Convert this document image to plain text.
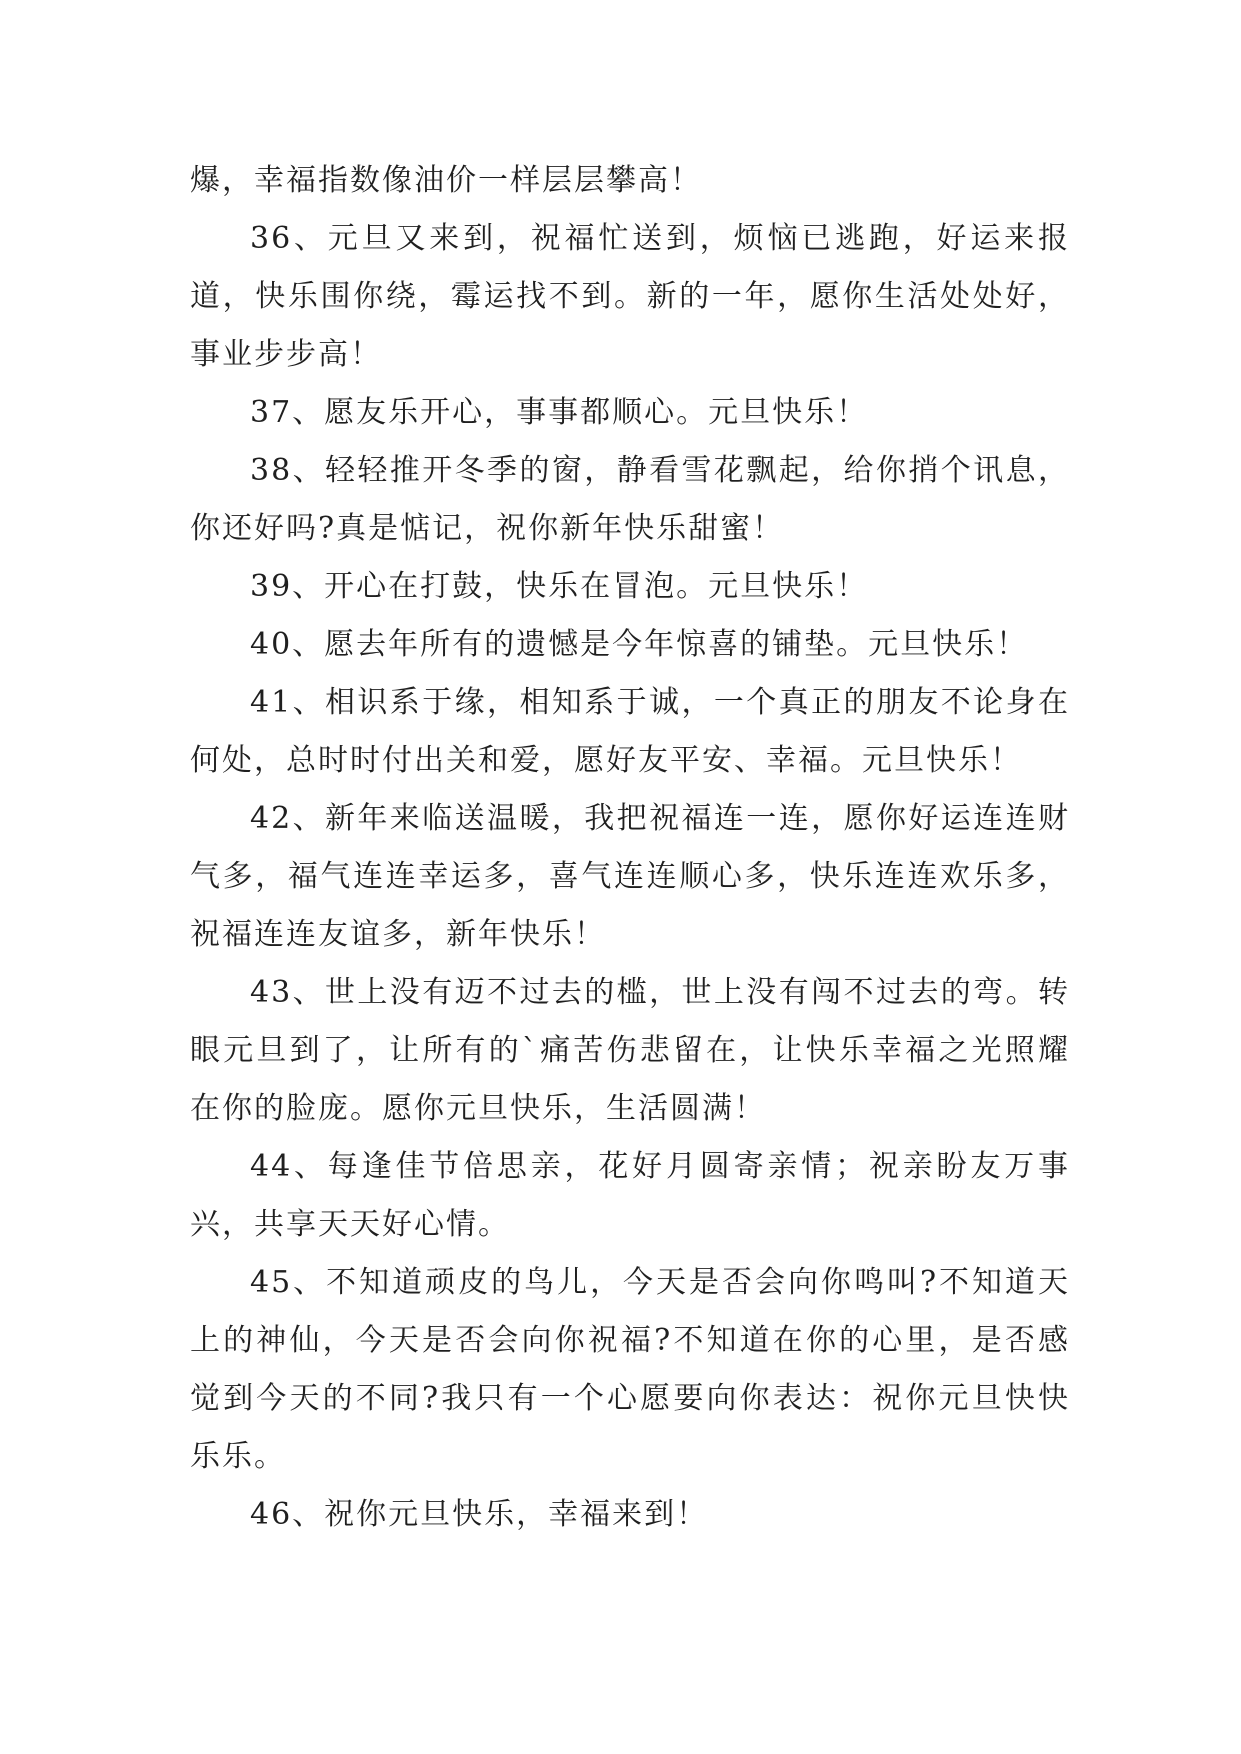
爆，幸福指数像油价一样层层攀高！

36、元旦又来到，祝福忙送到，烦恼已逃跑，好运来报道，快乐围你绕，霉运找不到。新的一年，愿你生活处处好，事业步步高！

37、愿友乐开心，事事都顺心。元旦快乐！

38、轻轻推开冬季的窗，静看雪花飘起，给你捎个讯息，你还好吗?真是惦记，祝你新年快乐甜蜜！

39、开心在打鼓，快乐在冒泡。元旦快乐！

40、愿去年所有的遗憾是今年惊喜的铺垫。元旦快乐！

41、相识系于缘，相知系于诚，一个真正的朋友不论身在何处，总时时付出关和爱，愿好友平安、幸福。元旦快乐！

42、新年来临送温暖，我把祝福连一连，愿你好运连连财气多，福气连连幸运多，喜气连连顺心多，快乐连连欢乐多，祝福连连友谊多，新年快乐！

43、世上没有迈不过去的槛，世上没有闯不过去的弯。转眼元旦到了，让所有的`痛苦伤悲留在，让快乐幸福之光照耀在你的脸庞。愿你元旦快乐，生活圆满！

44、每逢佳节倍思亲，花好月圆寄亲情；祝亲盼友万事兴，共享天天好心情。

45、不知道顽皮的鸟儿，今天是否会向你鸣叫?不知道天上的神仙，今天是否会向你祝福?不知道在你的心里，是否感觉到今天的不同?我只有一个心愿要向你表达：祝你元旦快快乐乐。

46、祝你元旦快乐，幸福来到！
